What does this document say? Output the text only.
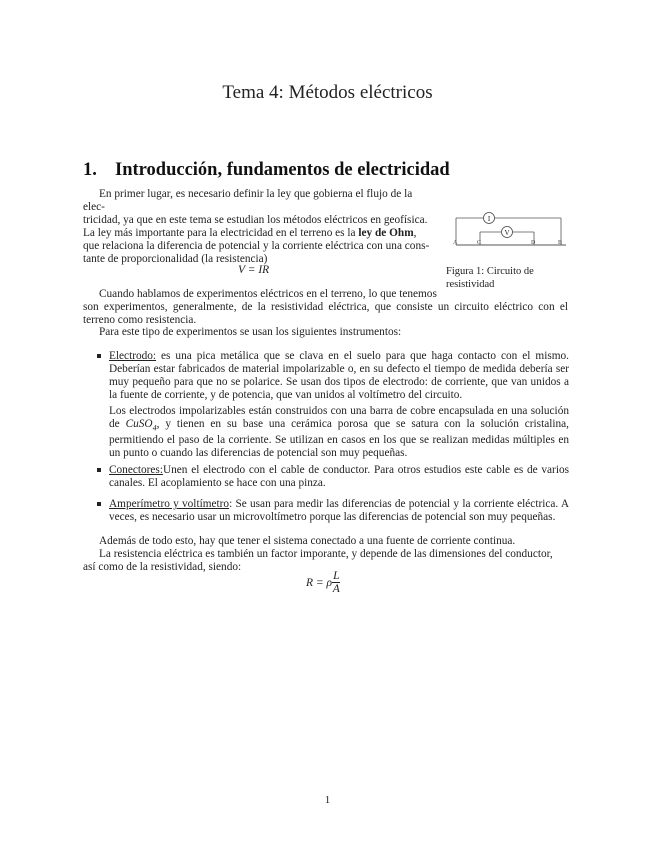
Tema 4: Métodos eléctricos
1. Introducción, fundamentos de electricidad
En primer lugar, es necesario definir la ley que gobierna el flujo de la elec-
tricidad, ya que en este tema se estudian los métodos eléctricos en geofísica.
La ley más importante para la electricidad en el terreno es la ley de Ohm,
que relaciona la diferencia de potencial y la corriente eléctrica con una cons-
tante de proporcionalidad (la resistencia)
V = IR
I
V
A	C	D	B
Figura 1: Circuito de resistividad
Cuando hablamos de experimentos eléctricos en el terreno, lo que tenemos
son experimentos, generalmente, de la resistividad eléctrica, que consiste un circuito eléctrico con el
terreno como resistencia.
Para este tipo de experimentos se usan los siguientes instrumentos:
Electrodo: es una pica metálica que se clava en el suelo para que haga contacto con el mismo. Deberían estar fabricados de material impolarizable o, en su defecto el tiempo de medida debería ser muy pequeño para que no se polarice. Se usan dos tipos de electrodo: de corriente, que van unidos a la fuente de corriente, y de potencia, que van unidos al voltímetro del circuito.
Los electrodos impolarizables están construidos con una barra de cobre encapsulada en una solución de CuSO$_4$, y tienen en su base una cerámica porosa que se satura con la solución cristalina, permitiendo el paso de la corriente. Se utilizan en casos en los que se realizan medidas múltiples en un punto o cuando las diferencias de potencial son muy pequeñas.
Conectores:Unen el electrodo con el cable de conductor. Para otros estudios este cable es de varios canales. El acoplamiento se hace con una pinza.
Amperímetro y voltímetro: Se usan para medir las diferencias de potencial y la corriente eléctrica. A veces, es necesario usar un microvoltímetro porque las diferencias de potencial son muy pequeñas.
Además de todo esto, hay que tener el sistema conectado a una fuente de corriente continua.
La resistencia eléctrica es también un factor imporante, y depende de las dimensiones del conductor,
así como de la resistividad, siendo:
R = ρ $\frac{L}{A}$
1
